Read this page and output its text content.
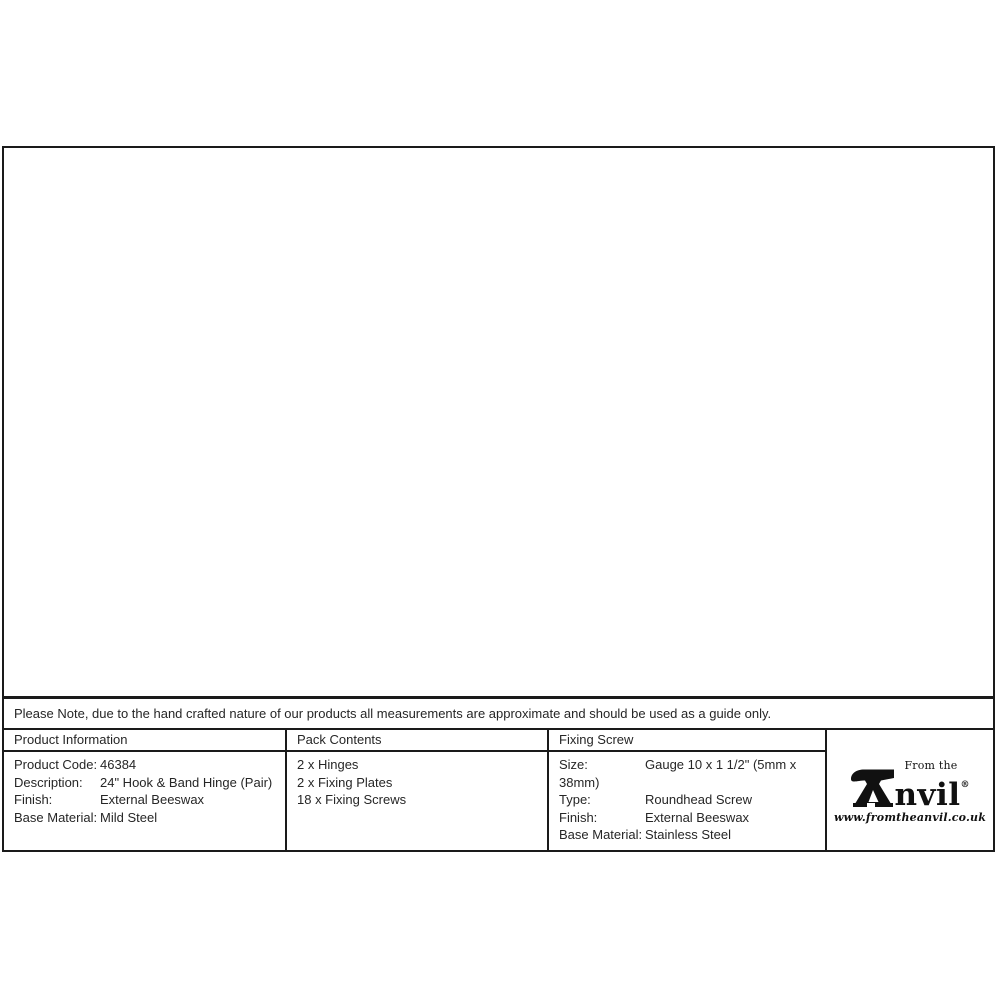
Please Note, due to the hand crafted nature of our products all measurements are approximate and should be used as a guide only.
Product Information	Pack Contents	Fixing Screw
From the
nvil®
www.fromtheanvil.co.uk
Product Code: 46384
Description: 24" Hook & Band Hinge (Pair)
Finish:	External Beeswax
Base Material: Mild Steel
2 x Hinges
2 x Fixing Plates
18 x Fixing Screws
Size:	Gauge 10 x 1 1/2" (5mm x 38mm)
Type:	Roundhead Screw
Finish:	External Beeswax
Base Material: Stainless Steel
